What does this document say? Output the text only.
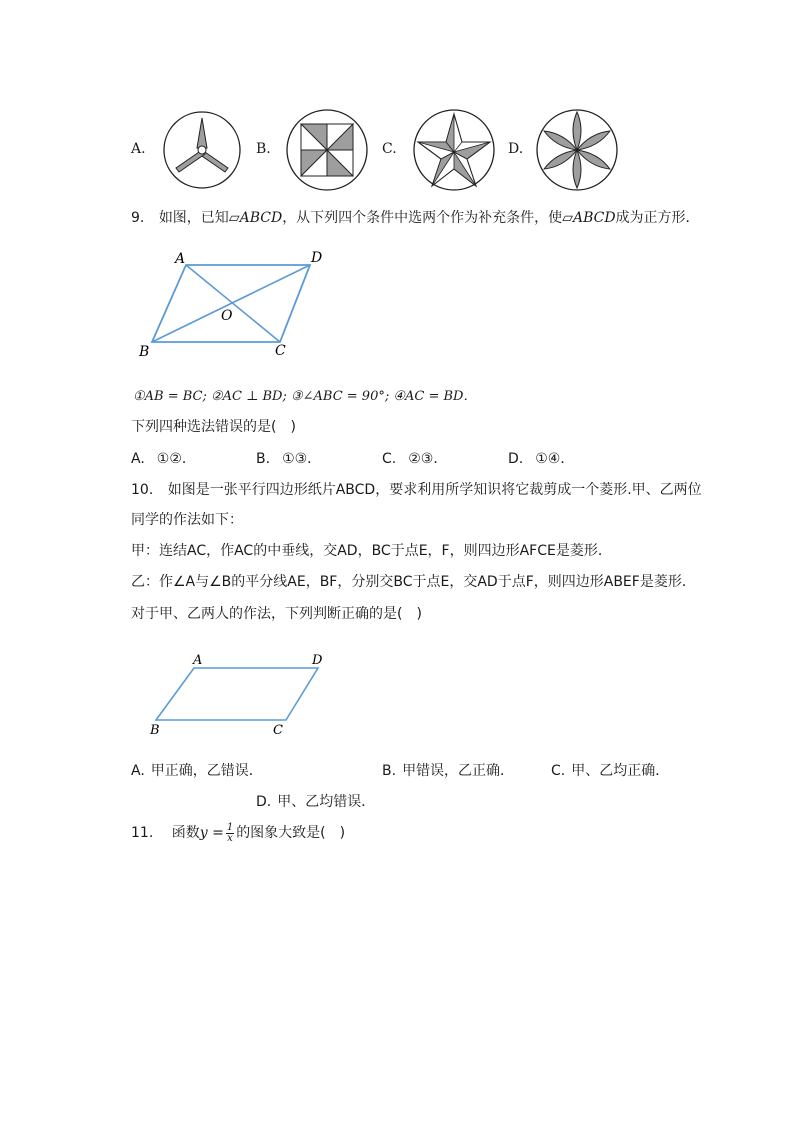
A.	B.	C.	D.
9. 如图，已知▱ABCD，从下列四个条件中选两个作为补充条件，使▱ABCD成为正方形．
A	D
O
B	C
①AB = BC; ②AC ⊥ BD; ③∠ABC = 90°; ④AC = BD．
下列四种选法错误的是(　)
A. ①②．	B. ①③．	C. ②③．	D. ①④．
10. 如图是一张平行四边形纸片ABCD，要求利用所学知识将它裁剪成一个菱形.甲、乙两位
同学的作法如下：
甲：连结AC，作AC的中垂线，交AD，BC于点E，F，则四边形AFCE是菱形．
乙：作∠A与∠B的平分线AE，BF，分别交BC于点E，交AD于点F，则四边形ABEF是菱形．
对于甲、乙两人的作法，下列判断正确的是(　)
A	D
B	C
A. 甲正确，乙错误．	B. 甲错误，乙正确．	C. 甲、乙均正确．
D. 甲、乙均错误．
11. 函数$y = \frac{1}{x}$ 的图象大致是(　)
